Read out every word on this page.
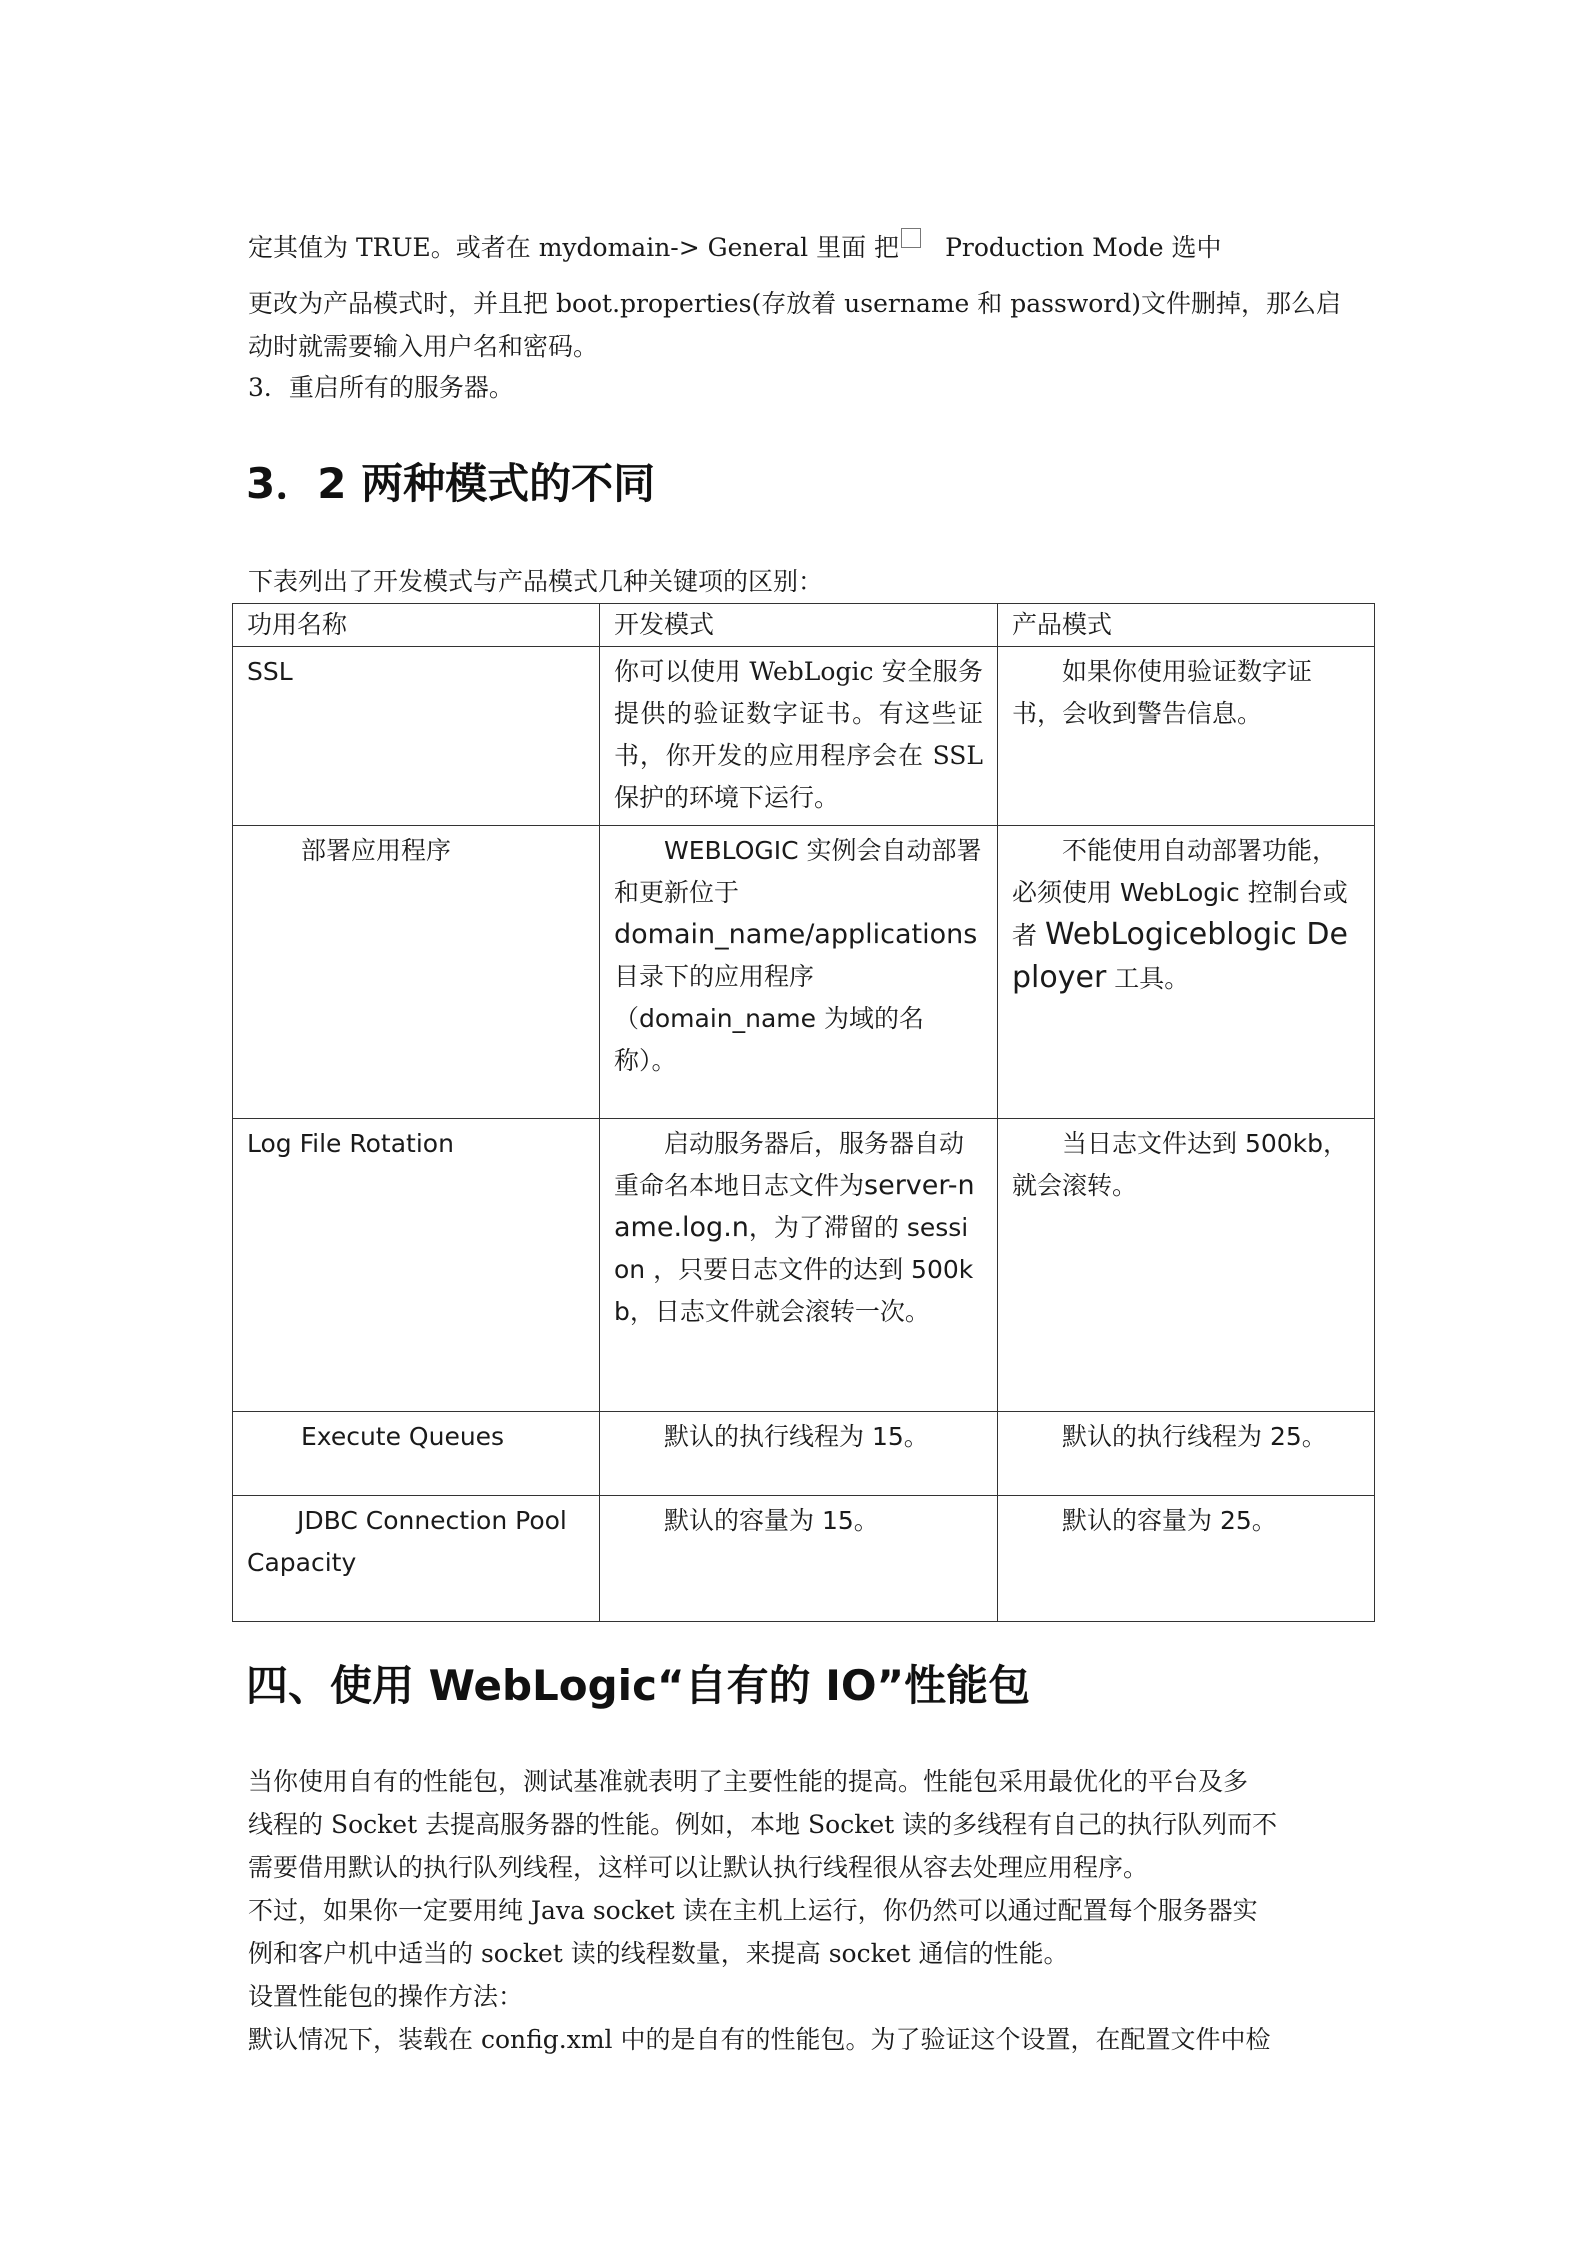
定其值为 TRUE。或者在 mydomain-> General 里面 把 Production Mode 选中

更改为产品模式时，并且把 boot.properties(存放着 username 和 password)文件删掉，那么启

动时就需要输入用户名和密码。

3．重启所有的服务器。

3．2 两种模式的不同

下表列出了开发模式与产品模式几种关键项的区别：

功用名称	开发模式	产品模式
SSL	你可以使用 WebLogic 安全服务提供的验证数字证书。有这些证书，你开发的应用程序会在 SSL 保护的环境下运行。	如果你使用验证数字证书，会收到警告信息。
部署应用程序	WEBLOGIC 实例会自动部署和更新位于
domain_name/applications
目录下的应用程序
（domain_name 为域的名称）。	不能使用自动部署功能，必须使用 WebLogic 控制台或者 WebLogiceblogic Deployer 工具。
Log File Rotation	启动服务器后，服务器自动重命名本地日志文件为server-name.log.n，为了滞留的 session ，只要日志文件的达到 500kb，日志文件就会滚转一次。	当日志文件达到 500kb，就会滚转。
Execute Queues	默认的执行线程为 15。	默认的执行线程为 25。
JDBC Connection Pool Capacity	默认的容量为 15。	默认的容量为 25。
四、使用 WebLogic“自有的 IO”性能包

当你使用自有的性能包，测试基准就表明了主要性能的提高。性能包采用最优化的平台及多

线程的 Socket 去提高服务器的性能。例如，本地 Socket 读的多线程有自己的执行队列而不

需要借用默认的执行队列线程，这样可以让默认执行线程很从容去处理应用程序。

不过，如果你一定要用纯 Java socket 读在主机上运行，你仍然可以通过配置每个服务器实

例和客户机中适当的 socket 读的线程数量，来提高 socket 通信的性能。

设置性能包的操作方法：

默认情况下，装载在 config.xml 中的是自有的性能包。为了验证这个设置，在配置文件中检
